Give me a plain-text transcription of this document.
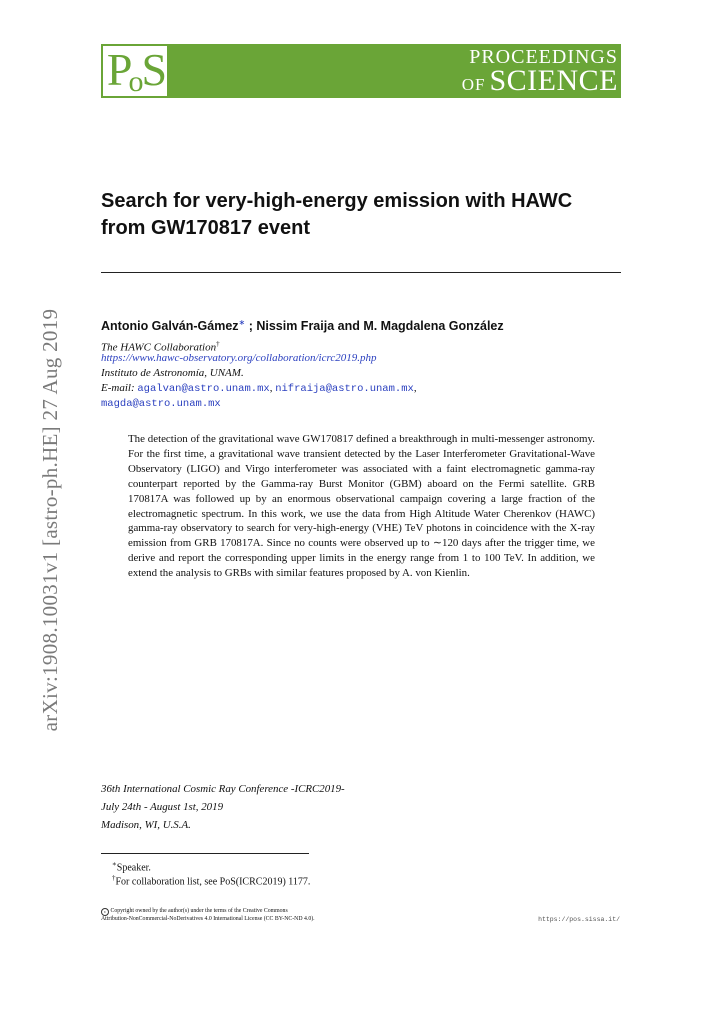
PoS	PROCEEDINGS
OF SCIENCE
arXiv:1908.10031v1 [astro-ph.HE] 27 Aug 2019
Search for very-high-energy emission with HAWC
from GW170817 event
Antonio Galván-Gámez∗ ; Nissim Fraija and M. Magdalena González
The HAWC Collaboration†
https://www.hawc-observatory.org/collaboration/icrc2019.php
Instituto de Astronomía, UNAM.
E-mail: agalvan@astro.unam.mx, nifraija@astro.unam.mx,
magda@astro.unam.mx
The detection of the gravitational wave GW170817 defined a breakthrough in multi-messenger astronomy. For the first time, a gravitational wave transient detected by the Laser Interferometer Gravitational-Wave Observatory (LIGO) and Virgo interferometer was associated with a faint electromagnetic gamma-ray counterpart reported by the Gamma-ray Burst Monitor (GBM) aboard on the Fermi satellite. GRB 170817A was followed up by an enormous observational campaign covering a large fraction of the electromagnetic spectrum. In this work, we use the data from High Altitude Water Cherenkov (HAWC) gamma-ray observatory to search for very-high-energy (VHE) TeV photons in coincidence with the X-ray emission from GRB 170817A. Since no counts were observed up to ∼120 days after the trigger time, we derive and report the corresponding upper limits in the energy range from 1 to 100 TeV. In addition, we extend the analysis to GRBs with similar features proposed by A. von Kienlin.
36th International Cosmic Ray Conference -ICRC2019-
July 24th - August 1st, 2019
Madison, WI, U.S.A.
∗Speaker.
†For collaboration list, see PoS(ICRC2019) 1177.
c Copyright owned by the author(s) under the terms of the Creative Commons
Attribution-NonCommercial-NoDerivatives 4.0 International License (CC BY-NC-ND 4.0).	https://pos.sissa.it/
